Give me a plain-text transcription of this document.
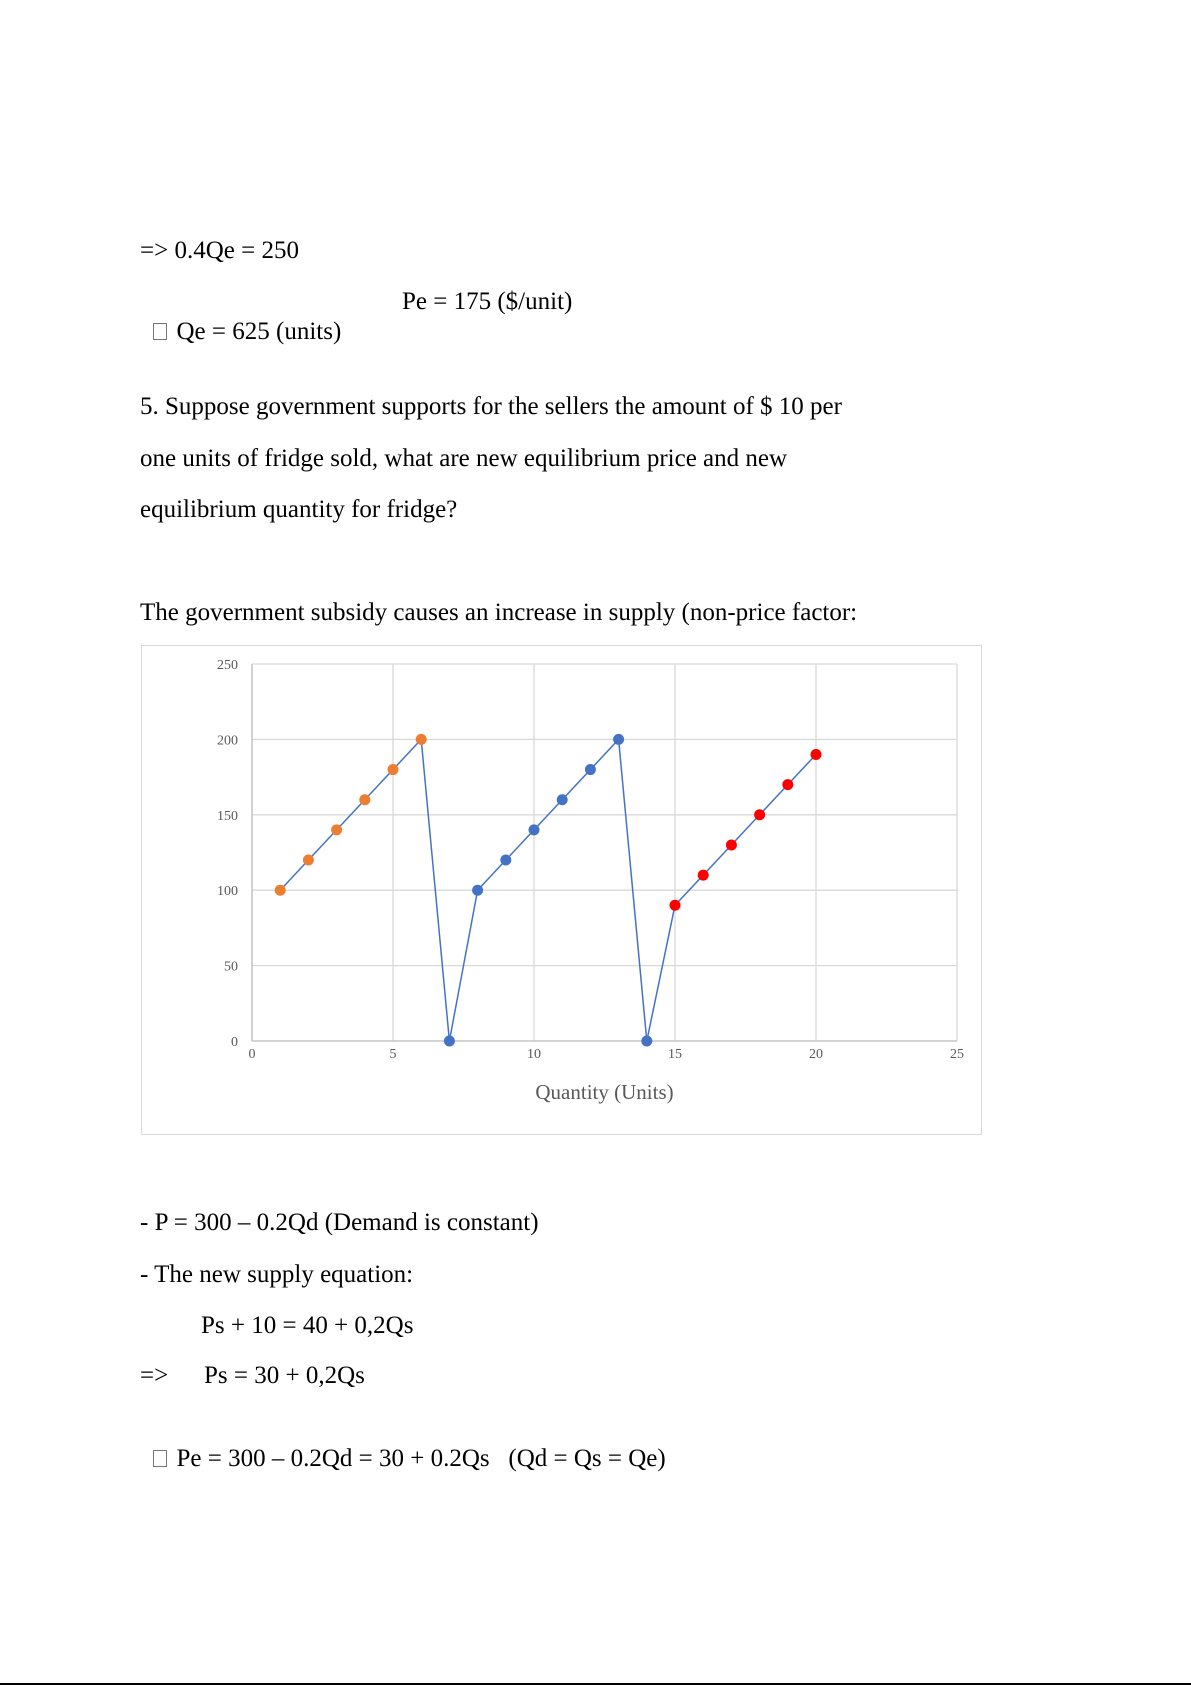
=> 0.4Qe = 250

Qe = 625 (units)
Pe = 175 ($/unit)

5. Suppose government supports for the sellers the amount of $ 10 per
one units of fridge sold, what are new equilibrium price and new
equilibrium quantity for fridge?
The government subsidy causes an increase in supply (non-price factor:
0
50
100
150
200
250
0	5	10	15	20	25
Quantity (Units)
- P = 300 – 0.2Qd (Demand is constant)
- The new supply equation:
Ps + 10 = 40 + 0,2Qs
=> Ps = 30 + 0,2Qs

Pe = 300 – 0.2Qd = 30 + 0.2Qs   (Qd = Qs = Qe)
